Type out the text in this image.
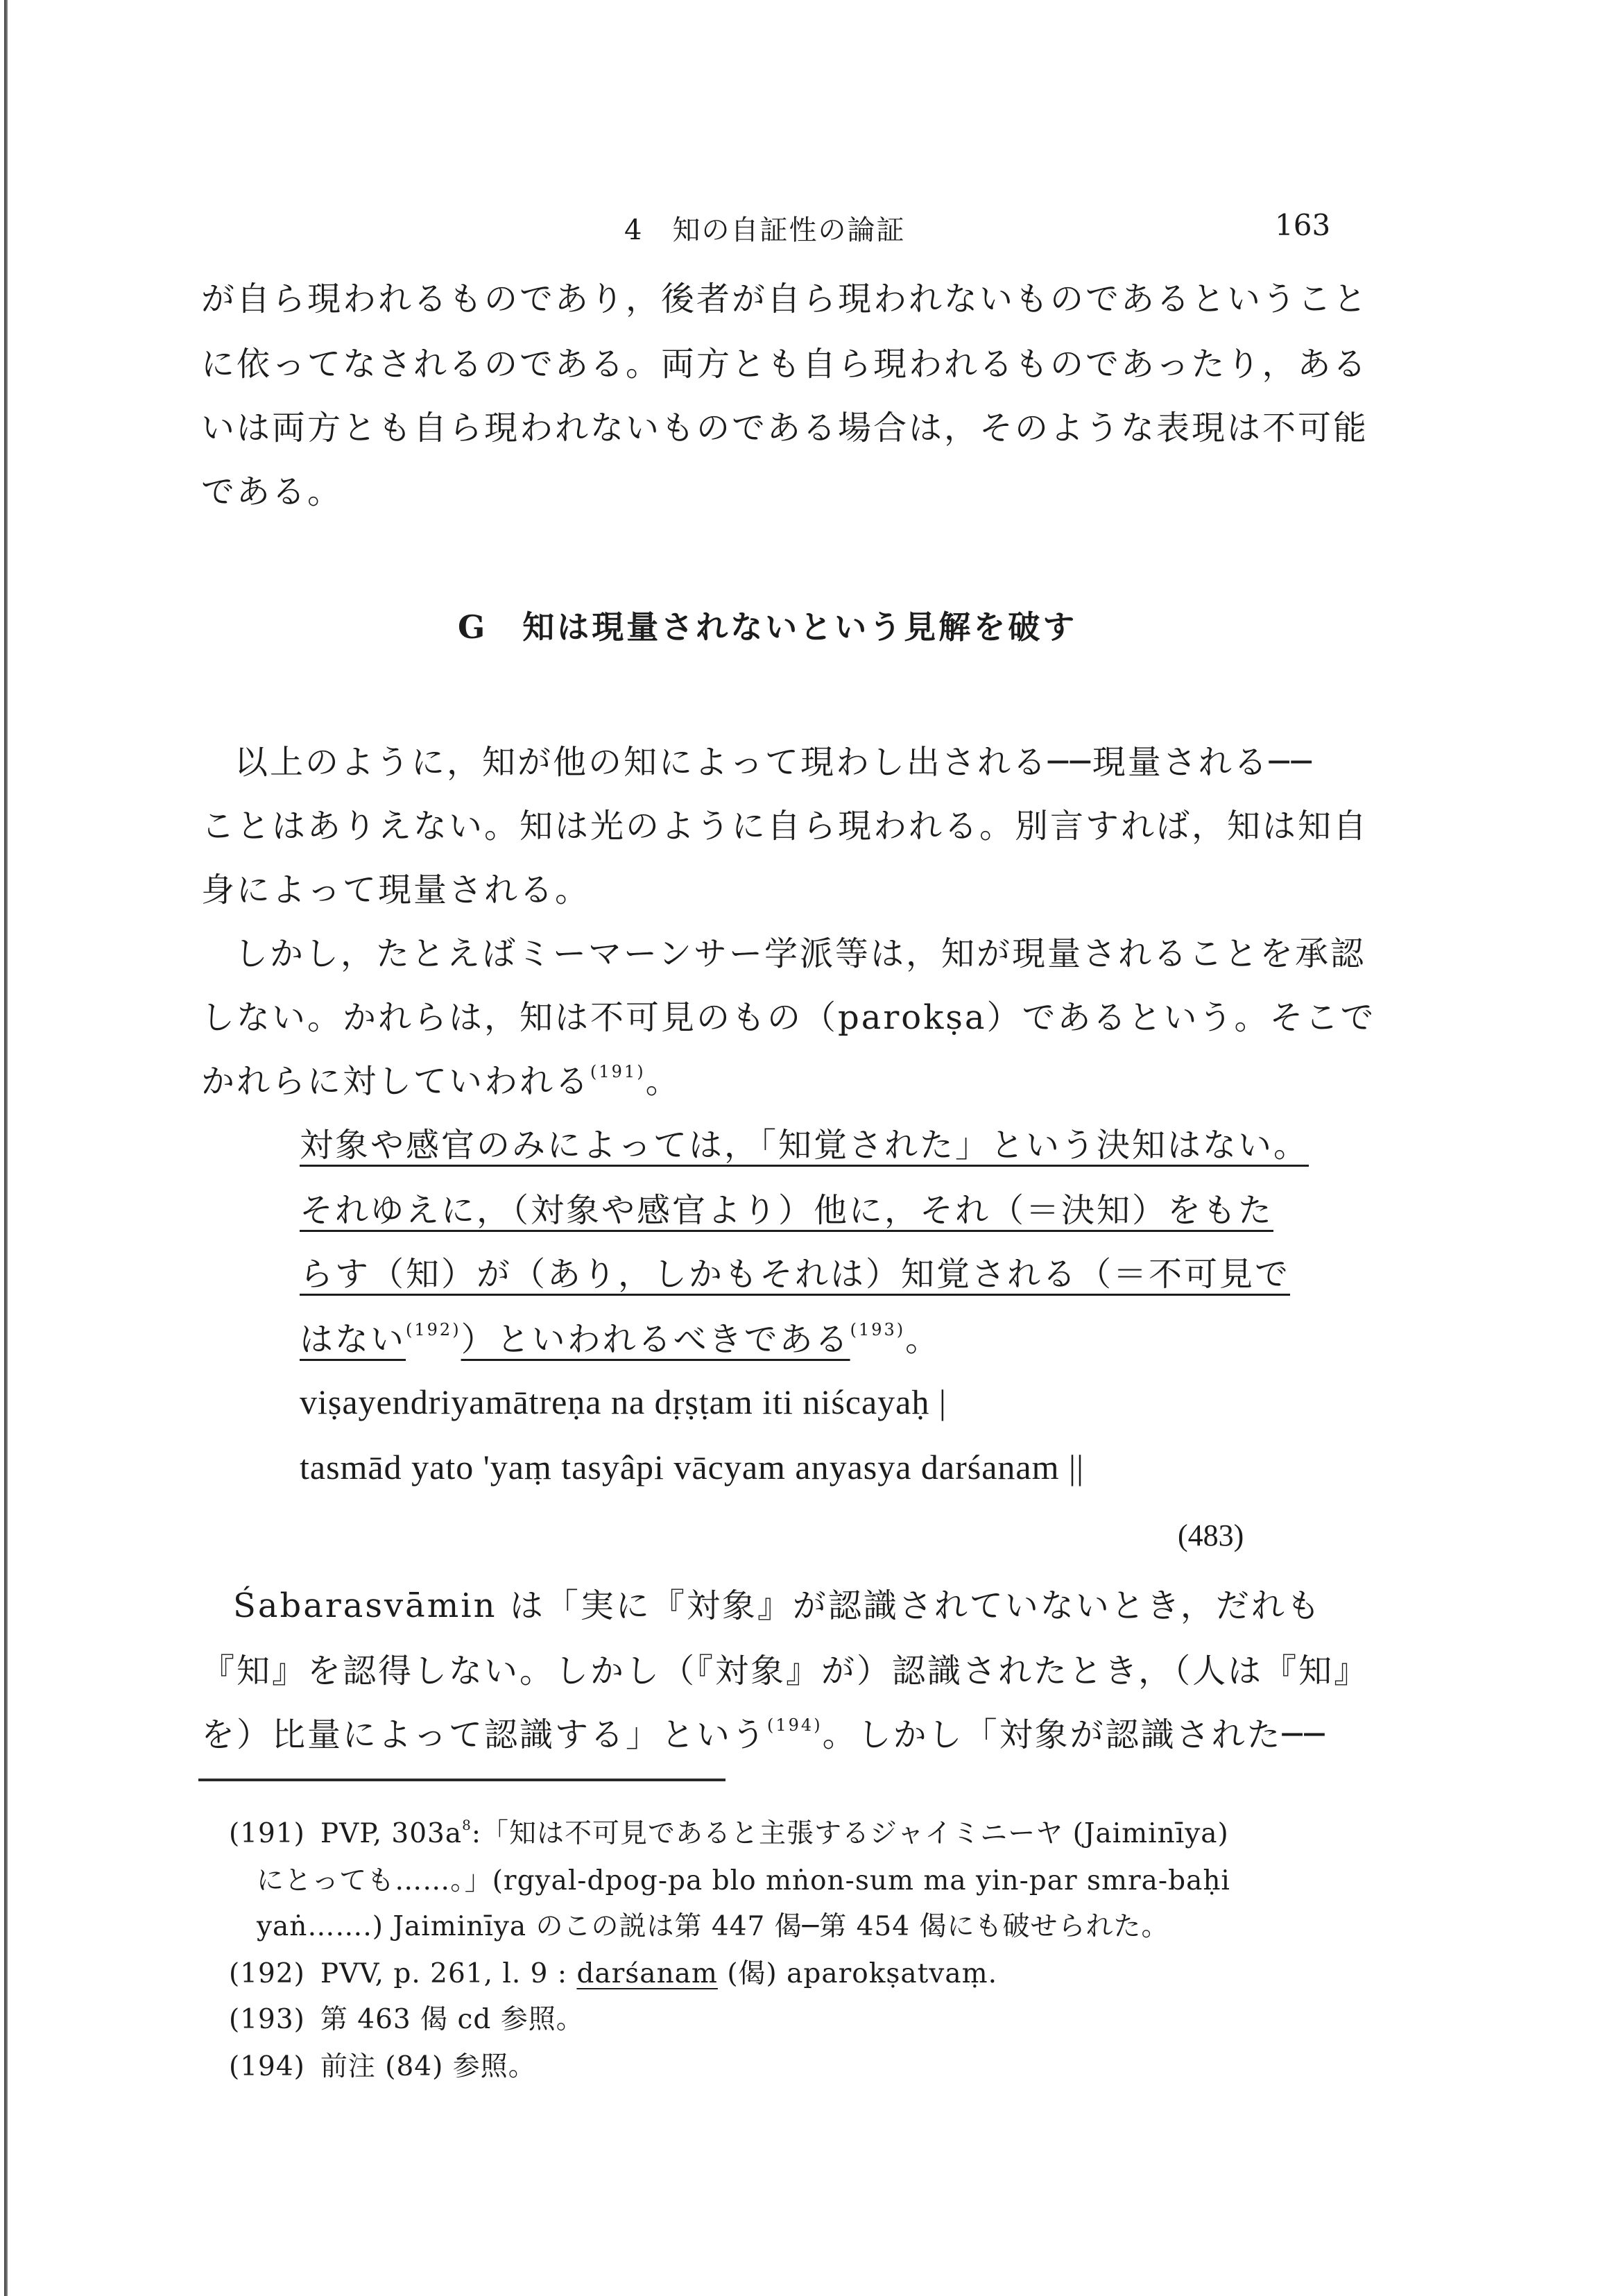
4　知の自証性の論証	163
が自ら現われるものであり，後者が自ら現われないものであるということ
に依ってなされるのである。両方とも自ら現われるものであったり，ある
いは両方とも自ら現われないものである場合は，そのような表現は不可能
である。
G　知は現量されないという見解を破す
以上のように，知が他の知によって現わし出される──現量される──
ことはありえない。知は光のように自ら現われる。別言すれば，知は知自
身によって現量される。
しかし，たとえばミーマーンサー学派等は，知が現量されることを承認
しない。かれらは，知は不可見のもの（parokṣa）であるという。そこで
かれらに対していわれる$^{(191)}$。
対象や感官のみによっては，「知覚された」という決知はない。
それゆえに，（対象や感官より）他に，それ（＝決知）をもた
らす（知）が（あり，しかもそれは）知覚される（＝不可見で
はない$^{(192)}$）といわれるべきである$^{(193)}$。
viṣayendriyamātreṇa na dṛṣṭam iti niścayaḥ |
tasmād yato 'yaṃ tasyâpi vācyam anyasya darśanam ||
(483)
Śabarasvāmin は「実に『対象』が認識されていないとき，だれも
『知』を認得しない。しかし（『対象』が）認識されたとき，（人は『知』
を）比量によって認識する」という$^{(194)}$。しかし「対象が認識された──
(191) PVP, $303a^8$:「知は不可見であると主張するジャイミニーヤ (Jaiminīya)
にとっても……。」(rgyal-dpog-pa blo mṅon-sum ma yin-par smra-baḥi
yaṅ…….) Jaiminīya のこの説は第 447 偈─第 454 偈にも破せられた。
(192) PVV, p. 261, l. 9 : darśanam (偈) aparokṣatvaṃ.
(193) 第 463 偈 cd 参照。
(194) 前注 (84) 参照。
